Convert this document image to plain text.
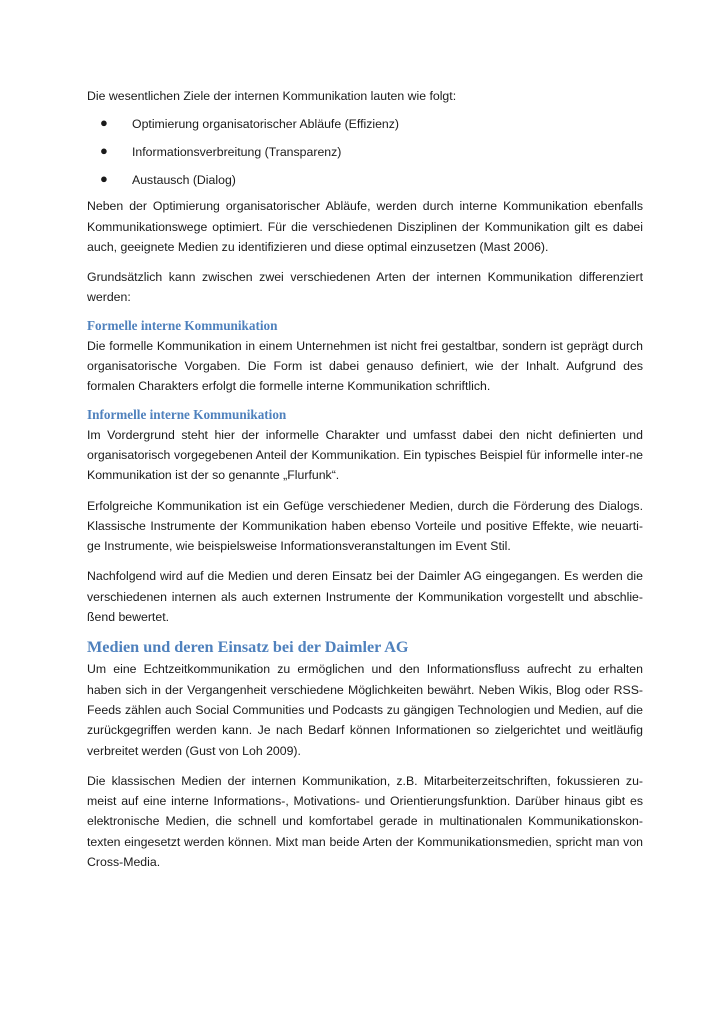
Die wesentlichen Ziele der internen Kommunikation lauten wie folgt:

● Optimierung organisatorischer Abläufe (Effizienz)
● Informationsverbreitung (Transparenz)
● Austausch (Dialog)

Neben der Optimierung organisatorischer Abläufe, werden durch interne Kommunikation ebenfalls Kommunikationswege optimiert. Für die verschiedenen Disziplinen der Kommunikation gilt es dabei auch, geeignete Medien zu identifizieren und diese optimal einzusetzen (Mast 2006).

Grundsätzlich kann zwischen zwei verschiedenen Arten der internen Kommunikation differenziert werden:

Formelle interne Kommunikation

Die formelle Kommunikation in einem Unternehmen ist nicht frei gestaltbar, sondern ist geprägt durch organisatorische Vorgaben. Die Form ist dabei genauso definiert, wie der Inhalt. Aufgrund des formalen Charakters erfolgt die formelle interne Kommunikation schriftlich.

Informelle interne Kommunikation

Im Vordergrund steht hier der informelle Charakter und umfasst dabei den nicht definierten und organisatorisch vorgegebenen Anteil der Kommunikation. Ein typisches Beispiel für informelle inter-ne Kommunikation ist der so genannte „Flurfunk“.

Erfolgreiche Kommunikation ist ein Gefüge verschiedener Medien, durch die Förderung des Dialogs. Klassische Instrumente der Kommunikation haben ebenso Vorteile und positive Effekte, wie neuarti-ge Instrumente, wie beispielsweise Informationsveranstaltungen im Event Stil.

Nachfolgend wird auf die Medien und deren Einsatz bei der Daimler AG eingegangen. Es werden die verschiedenen internen als auch externen Instrumente der Kommunikation vorgestellt und abschlie-ßend bewertet.

Medien und deren Einsatz bei der Daimler AG

Um eine Echtzeitkommunikation zu ermöglichen und den Informationsfluss aufrecht zu erhalten haben sich in der Vergangenheit verschiedene Möglichkeiten bewährt. Neben Wikis, Blog oder RSS-Feeds zählen auch Social Communities und Podcasts zu gängigen Technologien und Medien, auf die zurückgegriffen werden kann. Je nach Bedarf können Informationen so zielgerichtet und weitläufig verbreitet werden (Gust von Loh 2009).

Die klassischen Medien der internen Kommunikation, z.B. Mitarbeiterzeitschriften, fokussieren zu-meist auf eine interne Informations-, Motivations- und Orientierungsfunktion. Darüber hinaus gibt es elektronische Medien, die schnell und komfortabel gerade in multinationalen Kommunikationskon-texten eingesetzt werden können. Mixt man beide Arten der Kommunikationsmedien, spricht man von Cross-Media.
